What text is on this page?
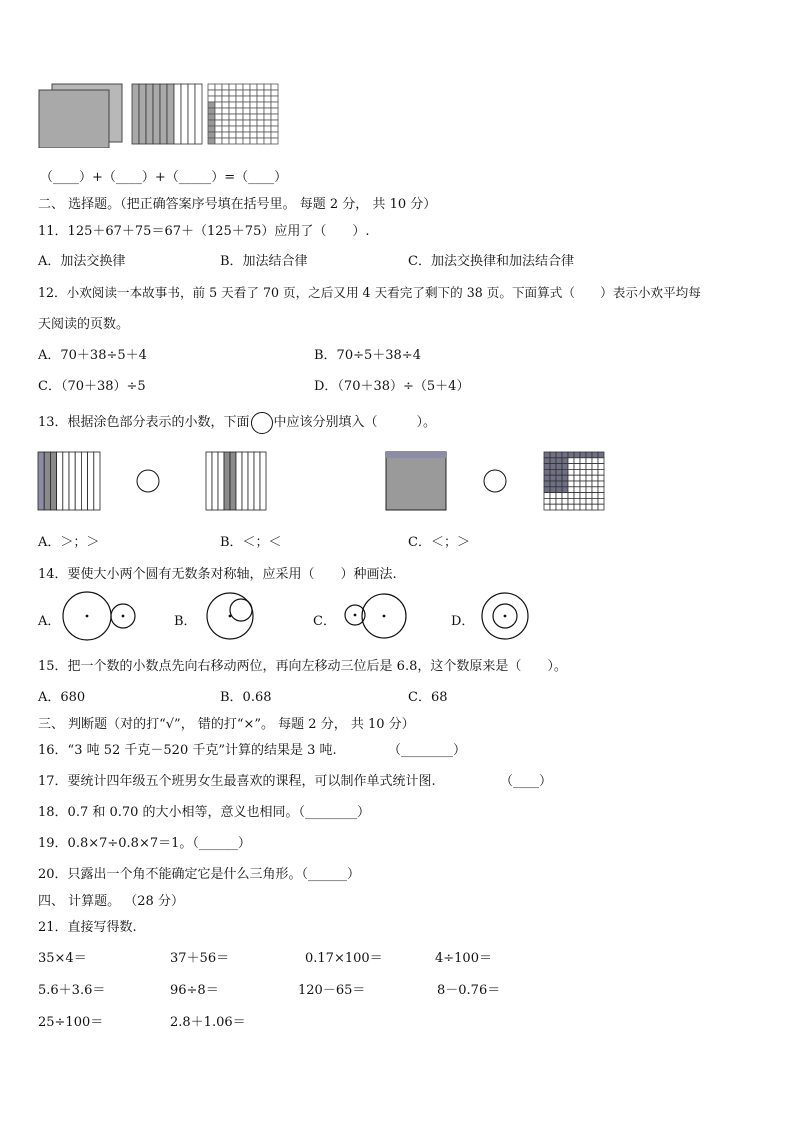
（____）+（____）+（_____）=（____）
二、 选择题。（把正确答案序号填在括号里。 每题 2 分， 共 10 分）
11．125＋67＋75＝67＋（125＋75）应用了（　　）.
A．加法交换律	B．加法结合律	C．加法交换律和加法结合律
12．小欢阅读一本故事书，前 5 天看了 70 页，之后又用 4 天看完了剩下的 38 页。下面算式（　　）表示小欢平均每
天阅读的页数。
A．70＋38÷5＋4	B．70÷5＋38÷4
C．（70＋38）÷5	D．（70＋38）÷（5＋4）
13．根据涂色部分表示的小数，下面 中应该分别填入（　　　）。
A．＞；＞	B．＜；＜	C．＜；＞
14．要使大小两个圆有无数条对称轴，应采用（　　）种画法.
A．	B．	C．	D．
15．把一个数的小数点先向右移动两位，再向左移动三位后是 6.8，这个数原来是（　　）。
A．680	B．0.68	C．68
三、 判断题（对的打“√”， 错的打“×”。 每题 2 分， 共 10 分）
16．“3 吨 52 千克－520 千克”计算的结果是 3 吨.	（________）
17．要统计四年级五个班男女生最喜欢的课程，可以制作单式统计图.	（____）
18．0.7 和 0.70 的大小相等，意义也相同。（________）
19．0.8×7÷0.8×7＝1。（______）
20．只露出一个角不能确定它是什么三角形。（______）
四、 计算题。 （28 分）
21．直接写得数.
35×4＝	37＋56＝	0.17×100＝	4÷100＝
5.6＋3.6＝	96÷8＝	120－65＝	8－0.76＝
25÷100＝	2.8＋1.06＝
